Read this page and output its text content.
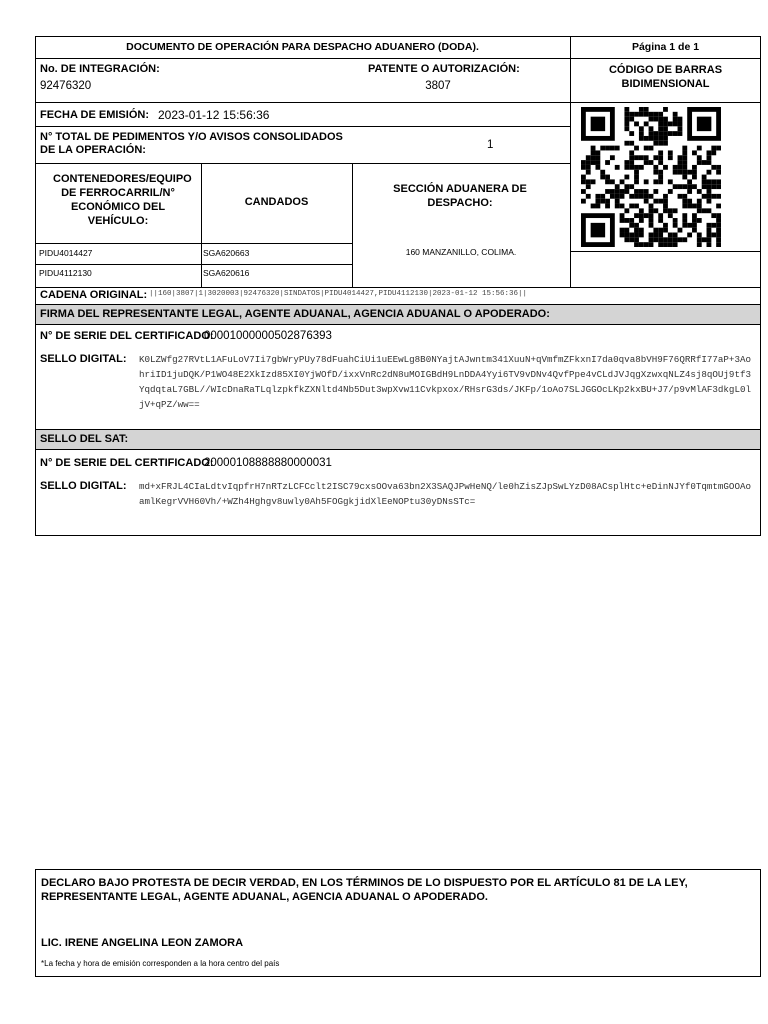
DOCUMENTO DE OPERACIÓN PARA DESPACHO ADUANERO (DODA).	Página 1 de 1
No. DE INTEGRACIÓN:
92476320
PATENTE O AUTORIZACIÓN:
3807
CÓDIGO DE BARRAS BIDIMENSIONAL
FECHA DE EMISIÓN: 2023-01-12 15:56:36
N° TOTAL DE PEDIMENTOS Y/O AVISOS CONSOLIDADOS DE LA OPERACIÓN:	1
CONTENEDORES/EQUIPO DE FERROCARRIL/N° ECONÓMICO DEL VEHÍCULO:
CANDADOS
SECCIÓN ADUANERA DE DESPACHO:
PIDU4014427	SGA620663
PIDU4112130	SGA620616
160 MANZANILLO, COLIMA.
CADENA ORIGINAL: ||160|3807|1|3020003|92476320|SINDATOS|PIDU4014427,PIDU4112130|2023-01-12 15:56:36||
FIRMA DEL REPRESENTANTE LEGAL, AGENTE ADUANAL, AGENCIA ADUANAL O APODERADO:
N° DE SERIE DEL CERTIFICADO:
00001000000502876393
SELLO DIGITAL: K0LZWfg27RVtL1AFuLoV7Ii7gbWryPUy78dFuahCiUi1uEEwLg8B0NYajtAJwntm341XuuN+qVmfmZFkxnI7da0qva8bVH9F76QRRfI77aP+3AohriID1juDQK/P1WO48E2XkIzd85XI0YjWOfD/ixxVnRc2dN8uMOIGBdH9LnDDA4Yyi6TV9vDNv4QvfPpe4vCLdJVJqgXzwxqNLZ4sj8qOUj9tf3YqdqtaL7GBL//WIcDnaRaTLqlzpkfkZXNltd4Nb5Dut3wpXvw11Cvkpxox/RHsrG3ds/JKFp/1oAo7SLJGGOcLKp2kxBU+J7/p9vMlAF3dkgL0ljV+qPZ/ww==
SELLO DEL SAT:
N° DE SERIE DEL CERTIFICADO:
20000108888880000031
SELLO DIGITAL: md+xFRJL4CIaLdtvIqpfrH7nRTzLCFCclt2ISC79cxsOOva63bn2X3SAQJPwHeNQ/le0hZisZJpSwLYzD08ACsplHtc+eDinNJYf0TqmtmGOOAoamlKegrVVH60Vh/+WZh4Hghgv8uwly0Ah5FOGgkjidXlEeNOPtu30yDNsSTc=
DECLARO BAJO PROTESTA DE DECIR VERDAD, EN LOS TÉRMINOS DE LO DISPUESTO POR EL ARTÍCULO 81 DE LA LEY, REPRESENTANTE LEGAL, AGENTE ADUANAL, AGENCIA ADUANAL O APODERADO.
LIC. IRENE ANGELINA LEON ZAMORA
*La fecha y hora de emisión corresponden a la hora centro del país
